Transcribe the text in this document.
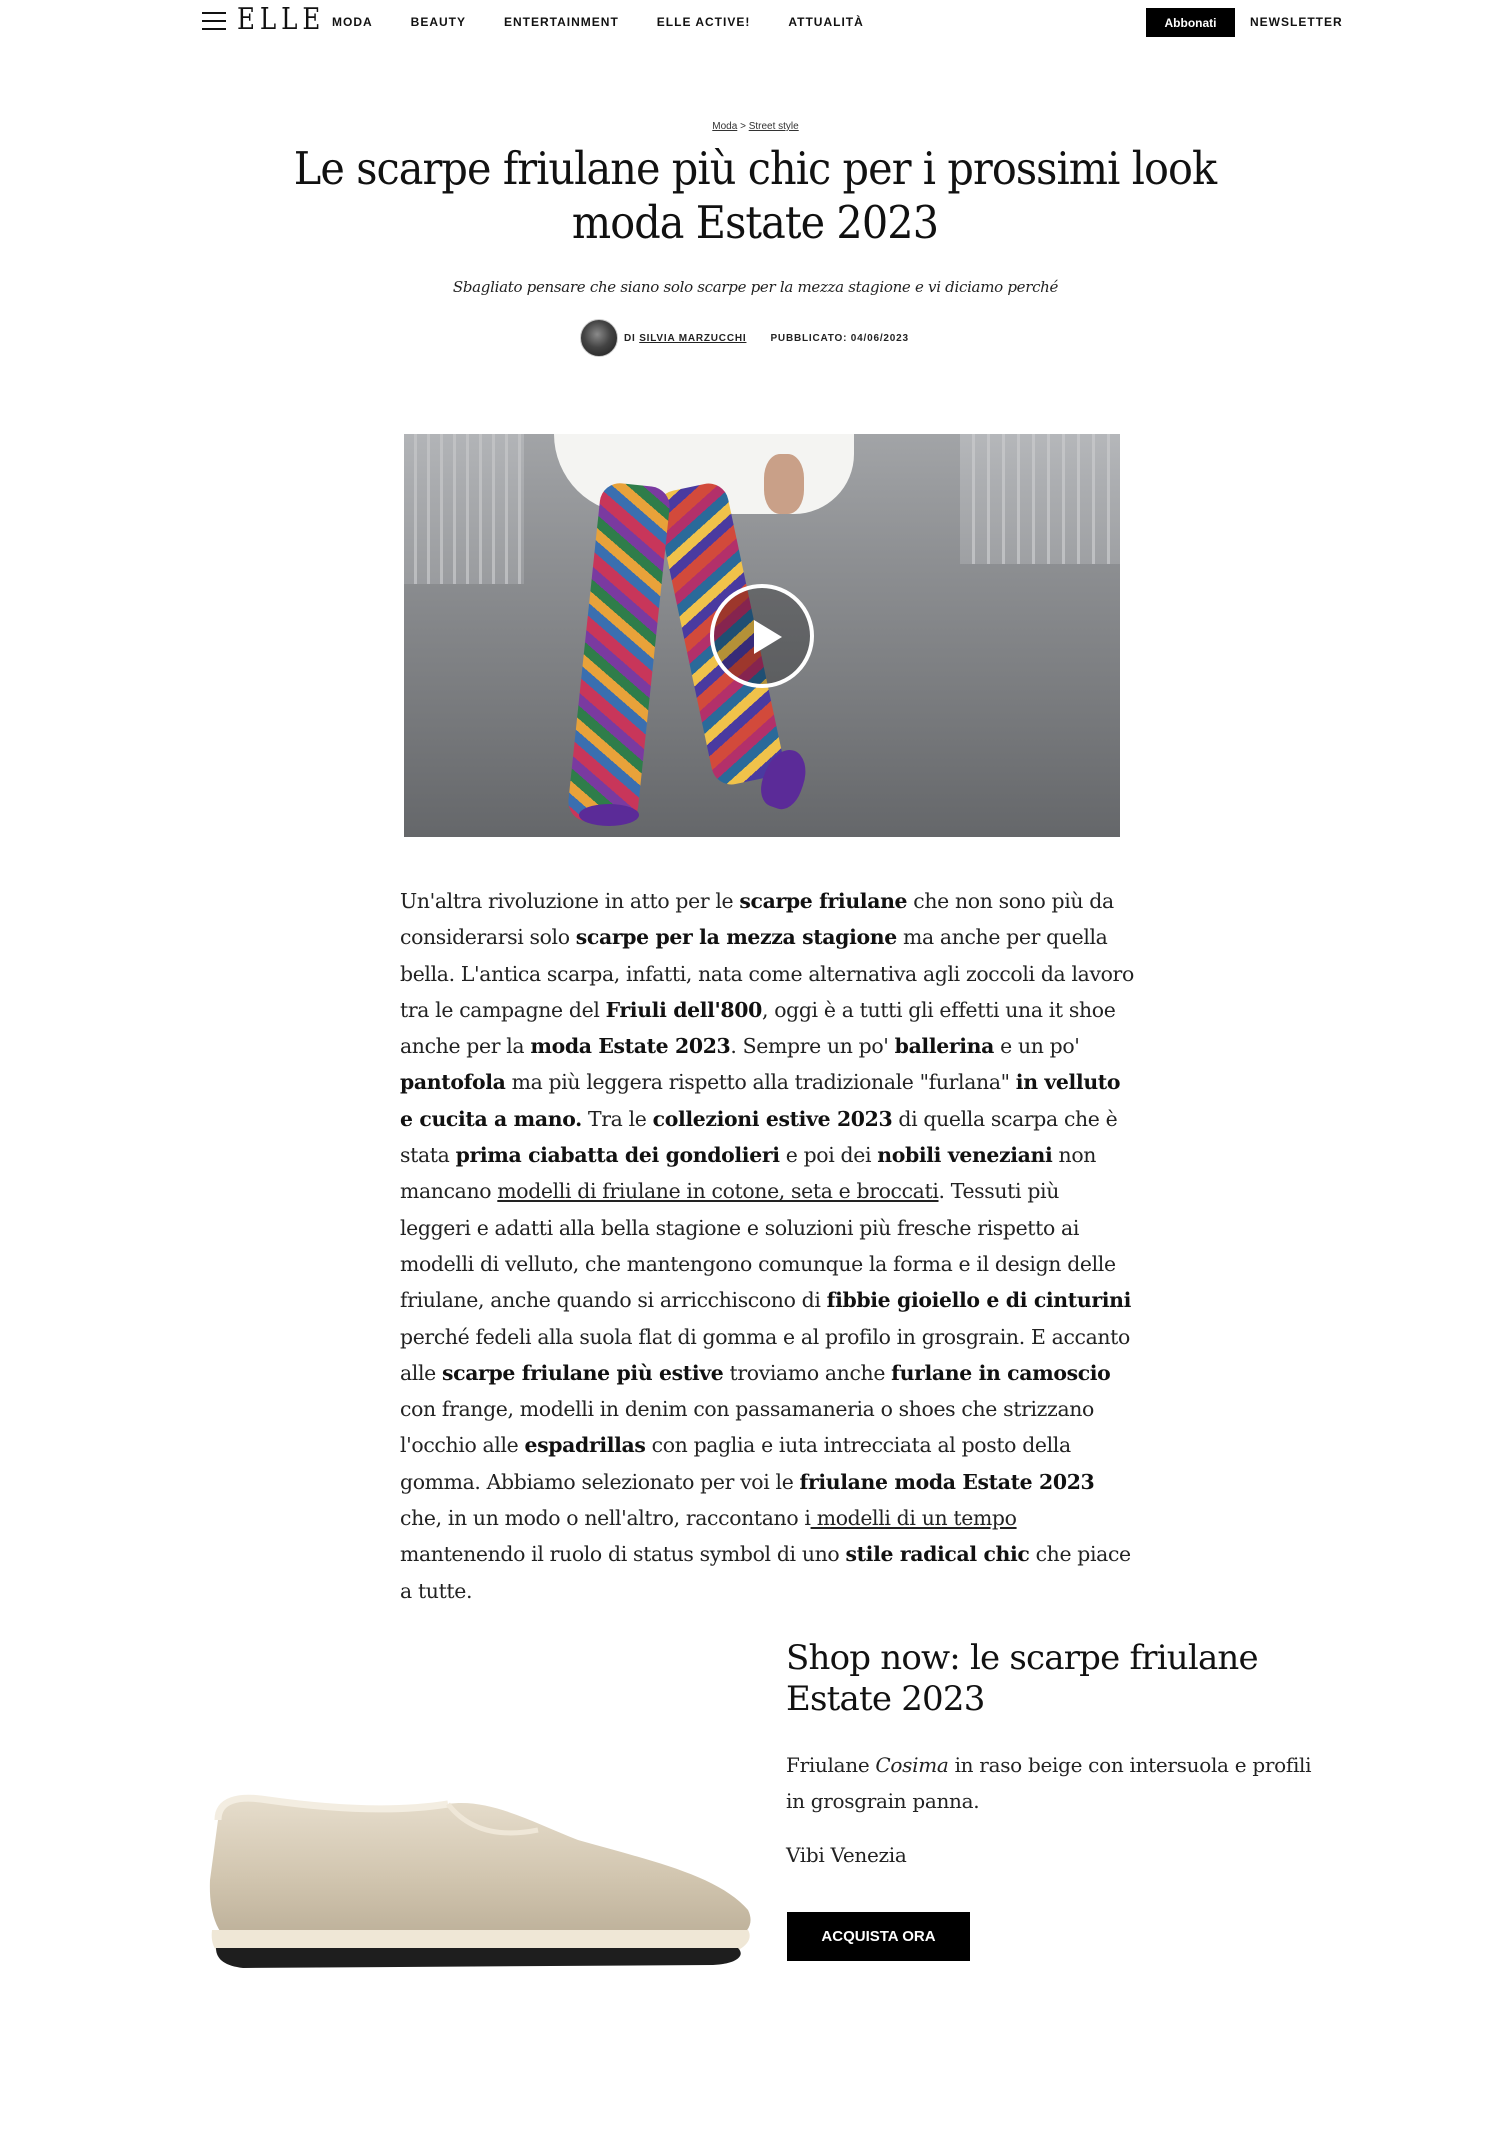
ELLE MODA	BEAUTY	ENTERTAINMENT	ELLE ACTIVE!	ATTUALITÀ	Abbonati	NEWSLETTER
Moda > Street style
Le scarpe friulane più chic per i prossimi look moda Estate 2023

Sbagliato pensare che siano solo scarpe per la mezza stagione e vi diciamo perché

DI SILVIA MARZUCCHI PUBBLICATO: 04/06/2023
Un'altra rivoluzione in atto per le scarpe friulane che non sono più da considerarsi solo scarpe per la mezza stagione ma anche per quella bella. L'antica scarpa, infatti, nata come alternativa agli zoccoli da lavoro tra le campagne del Friuli dell'800, oggi è a tutti gli effetti una it shoe anche per la moda Estate 2023. Sempre un po' ballerina e un po' pantofola ma più leggera rispetto alla tradizionale "furlana" in velluto e cucita a mano. Tra le collezioni estive 2023 di quella scarpa che è stata prima ciabatta dei gondolieri e poi dei nobili veneziani non mancano modelli di friulane in cotone, seta e broccati. Tessuti più leggeri e adatti alla bella stagione e soluzioni più fresche rispetto ai modelli di velluto, che mantengono comunque la forma e il design delle friulane, anche quando si arricchiscono di fibbie gioiello e di cinturini perché fedeli alla suola flat di gomma e al profilo in grosgrain. E accanto alle scarpe friulane più estive troviamo anche furlane in camoscio con frange, modelli in denim con passamaneria o shoes che strizzano l'occhio alle espadrillas con paglia e iuta intrecciata al posto della gomma. Abbiamo selezionato per voi le friulane moda Estate 2023 che, in un modo o nell'altro, raccontano i modelli di un tempo mantenendo il ruolo di status symbol di uno stile radical chic che piace a tutte.
Shop now: le scarpe friulane Estate 2023
Friulane Cosima in raso beige con intersuola e profili in grosgrain panna.
Vibi Venezia
ACQUISTA ORA
